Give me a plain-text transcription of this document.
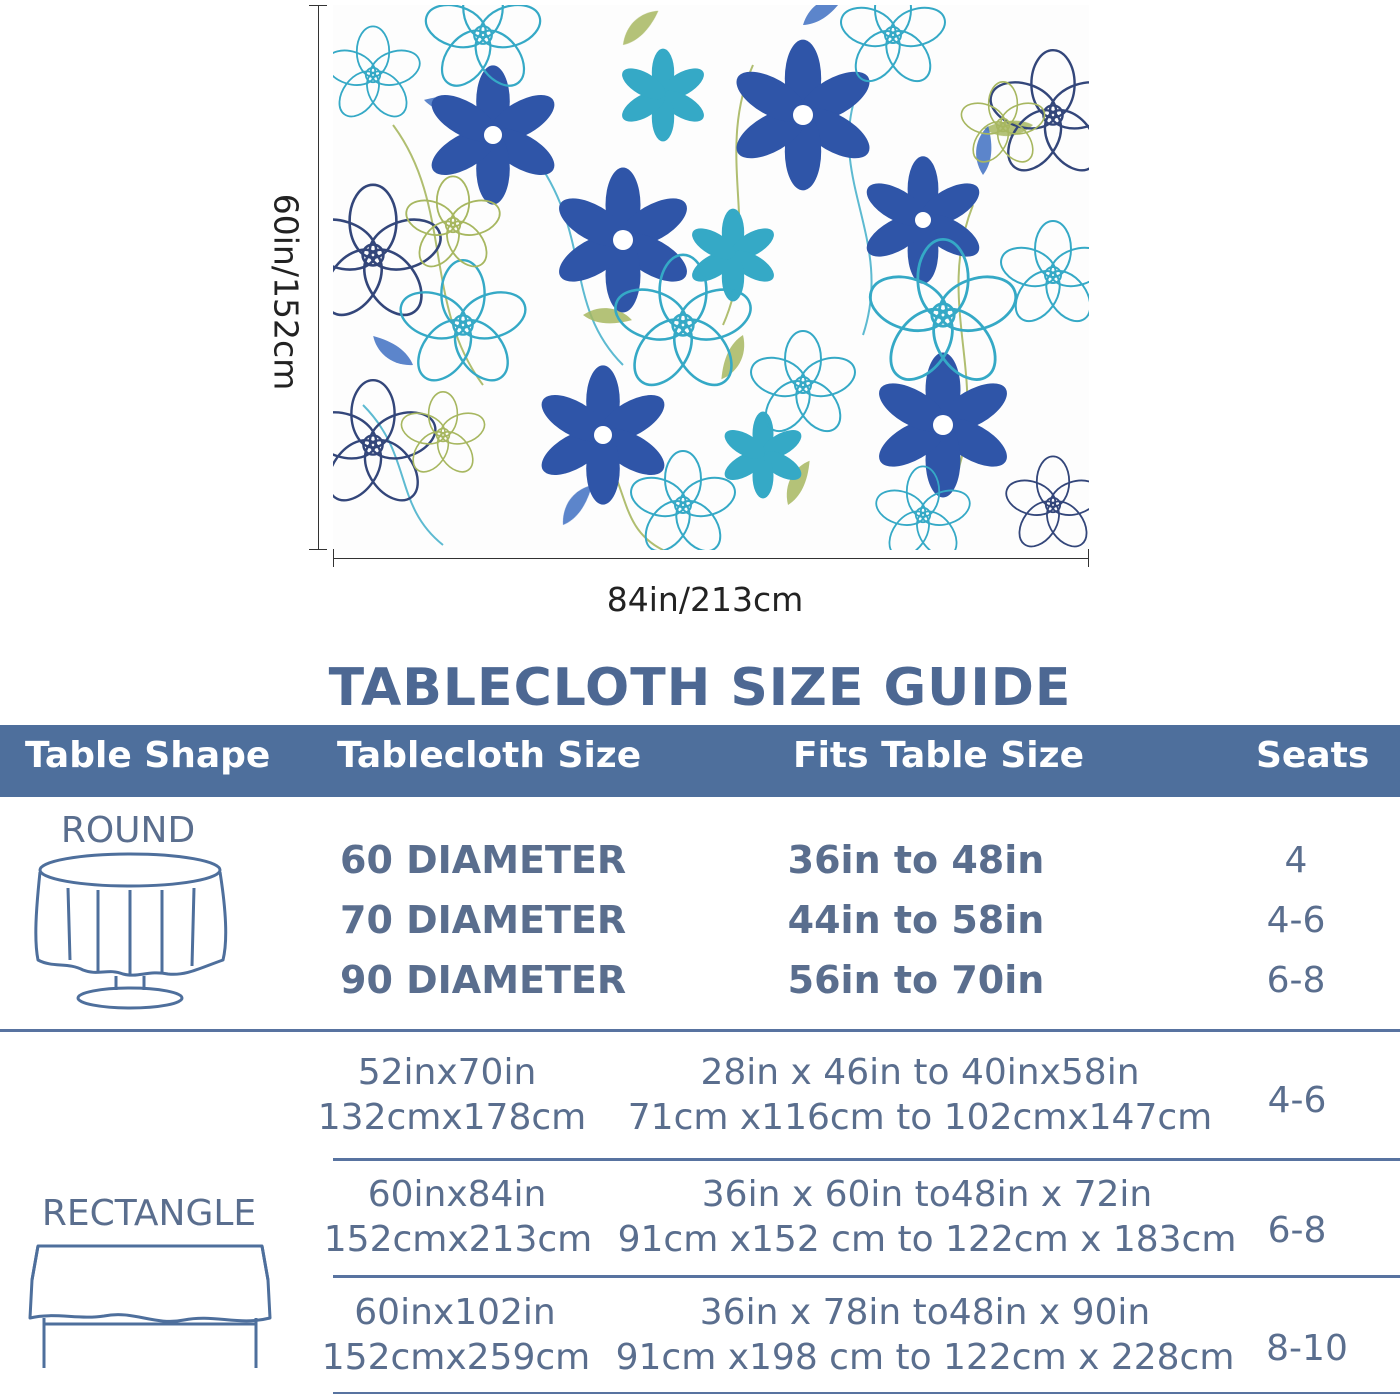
60in/152cm
84in/213cm
TABLECLOTH SIZE GUIDE
Table Shape Tablecloth Size	Fits Table Size	Seats
ROUND
60 DIAMETER
70 DIAMETER
90 DIAMETER
36in to 48in
44in to 58in
56in to 70in
4
4-6
6-8
RECTANGLE
52inx70in
132cmx178cm
28in x 46in to 40inx58in
71cm x116cm to 102cmx147cm 4-6
60inx84in
152cmx213cm
36in x 60in to48in x 72in
91cm x152 cm to 122cm x 183cm 6-8
60inx102in
152cmx259cm
36in x 78in to48in x 90in
91cm x198 cm to 122cm x 228cm 8-10
